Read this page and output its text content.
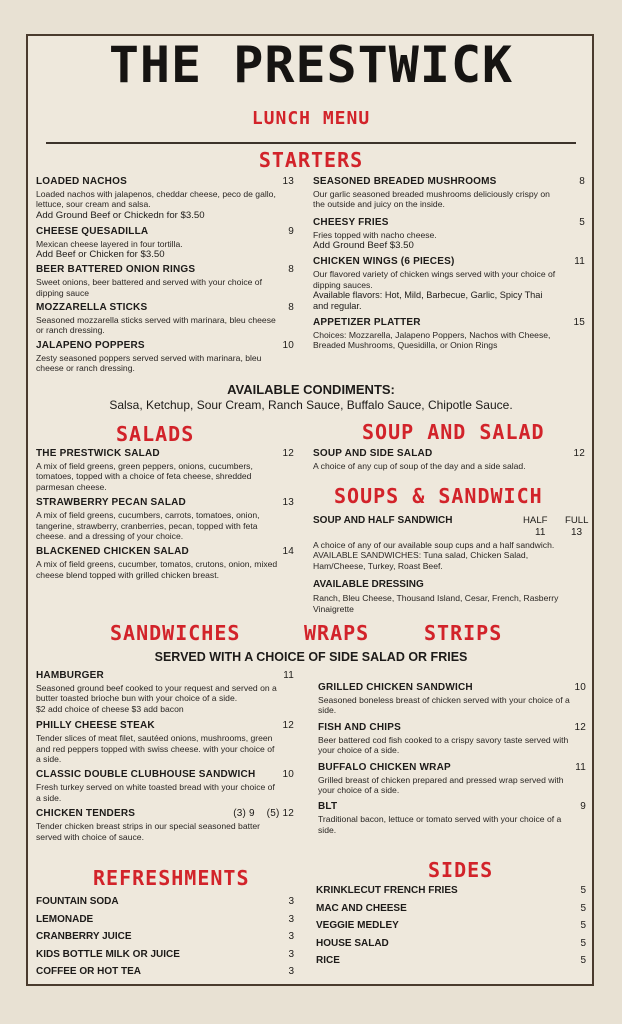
THE PRESTWICK
LUNCH MENU
STARTERS
LOADED NACHOS	13
Loaded nachos with jalapenos, cheddar cheese, peco de gallo,
lettuce, sour cream and salsa.
Add Ground Beef or Chickedn for $3.50
CHEESE QUESADILLA	9
Mexican cheese layered in four tortilla.
Add Beef or Chicken for $3.50
BEER BATTERED ONION RINGS	8
Sweet onions, beer battered and served with your choice of
dipping sauce
MOZZARELLA STICKS	8
Seasoned mozzarella sticks served with marinara, bleu cheese
or ranch dressing.
JALAPENO POPPERS	10
Zesty seasoned poppers served served with marinara, bleu
cheese or ranch dressing.
SEASONED BREADED MUSHROOMS	8
Our garlic seasoned breaded mushrooms deliciously crispy on
the outside and juicy on the inside.
CHEESY FRIES	5
Fries topped with nacho cheese.
Add Ground Beef $3.50
CHICKEN WINGS (6 PIECES)	11
Our flavored variety of chicken wings served with your choice of
dipping sauces.
Available flavors: Hot, Mild, Barbecue, Garlic, Spicy Thai
and regular.
APPETIZER PLATTER	15
Choices: Mozzarella, Jalapeno Poppers, Nachos with Cheese,
Breaded Mushrooms, Quesidilla, or Onion Rings
AVAILABLE CONDIMENTS:
Salsa, Ketchup, Sour Cream, Ranch Sauce, Buffalo Sauce, Chipotle Sauce.
SALADS
THE PRESTWICK SALAD	12
A mix of field greens, green peppers, onions, cucumbers,
tomatoes, topped with a choice of feta cheese, shredded
parmesan cheese.
STRAWBERRY PECAN SALAD	13
A mix of field greens, cucumbers, carrots, tomatoes, onion,
tangerine, strawberry, cranberries, pecan, topped with feta
cheese. and a dressing of your choice.
BLACKENED CHICKEN SALAD	14
A mix of field greens, cucumber, tomatos, crutons, onion, mixed
cheese blend topped with grilled chicken breast.
SOUP AND SALAD
SOUP AND SIDE SALAD	12
A choice of any cup of soup of the day and a side salad.
SOUPS & SANDWICH
SOUP AND HALF SANDWICH	HALF FULL
11	13
A choice of any of our available soup cups and a half sandwich.
AVAILABLE SANDWICHES: Tuna salad, Chicken Salad,
Ham/Cheese, Turkey, Roast Beef.
AVAILABLE DRESSING
Ranch, Bleu Cheese, Thousand Island, Cesar, French, Rasberry
Vinaigrette
SANDWICHES	WRAPS	STRIPS
SERVED WITH A CHOICE OF SIDE SALAD OR FRIES
HAMBURGER	11
Seasoned ground beef cooked to your request and served on a
butter toasted brioche bun with your choice of a side.
$2 add choice of cheese $3 add bacon
PHILLY CHEESE STEAK	12
Tender slices of meat filet, sautéed onions, mushrooms, green
and red peppers topped with swiss cheese. with your choice of
a side.
CLASSIC DOUBLE CLUBHOUSE SANDWICH	10
Fresh turkey served on white toasted bread with your choice of
a side.
CHICKEN TENDERS	(3) 9    (5) 12
Tender chicken breast strips in our special seasoned batter
served with choice of sauce.
GRILLED CHICKEN SANDWICH	10
Seasoned boneless breast of chicken served with your choice of a
side.
FISH AND CHIPS	12
Beer battered cod fish cooked to a crispy savory taste served with
your choice of a side.
BUFFALO CHICKEN WRAP	11
Grilled breast of chicken prepared and pressed wrap served with
your choice of a side.
BLT	9
Traditional bacon, lettuce or tomato served with your choice of a
side.
REFRESHMENTS
FOUNTAIN SODA	3
LEMONADE	3
CRANBERRY JUICE	3
KIDS BOTTLE MILK OR JUICE	3
COFFEE OR HOT TEA	3
SIDES
KRINKLECUT FRENCH FRIES	5
MAC AND CHEESE	5
VEGGIE MEDLEY	5
HOUSE SALAD	5
RICE	5
